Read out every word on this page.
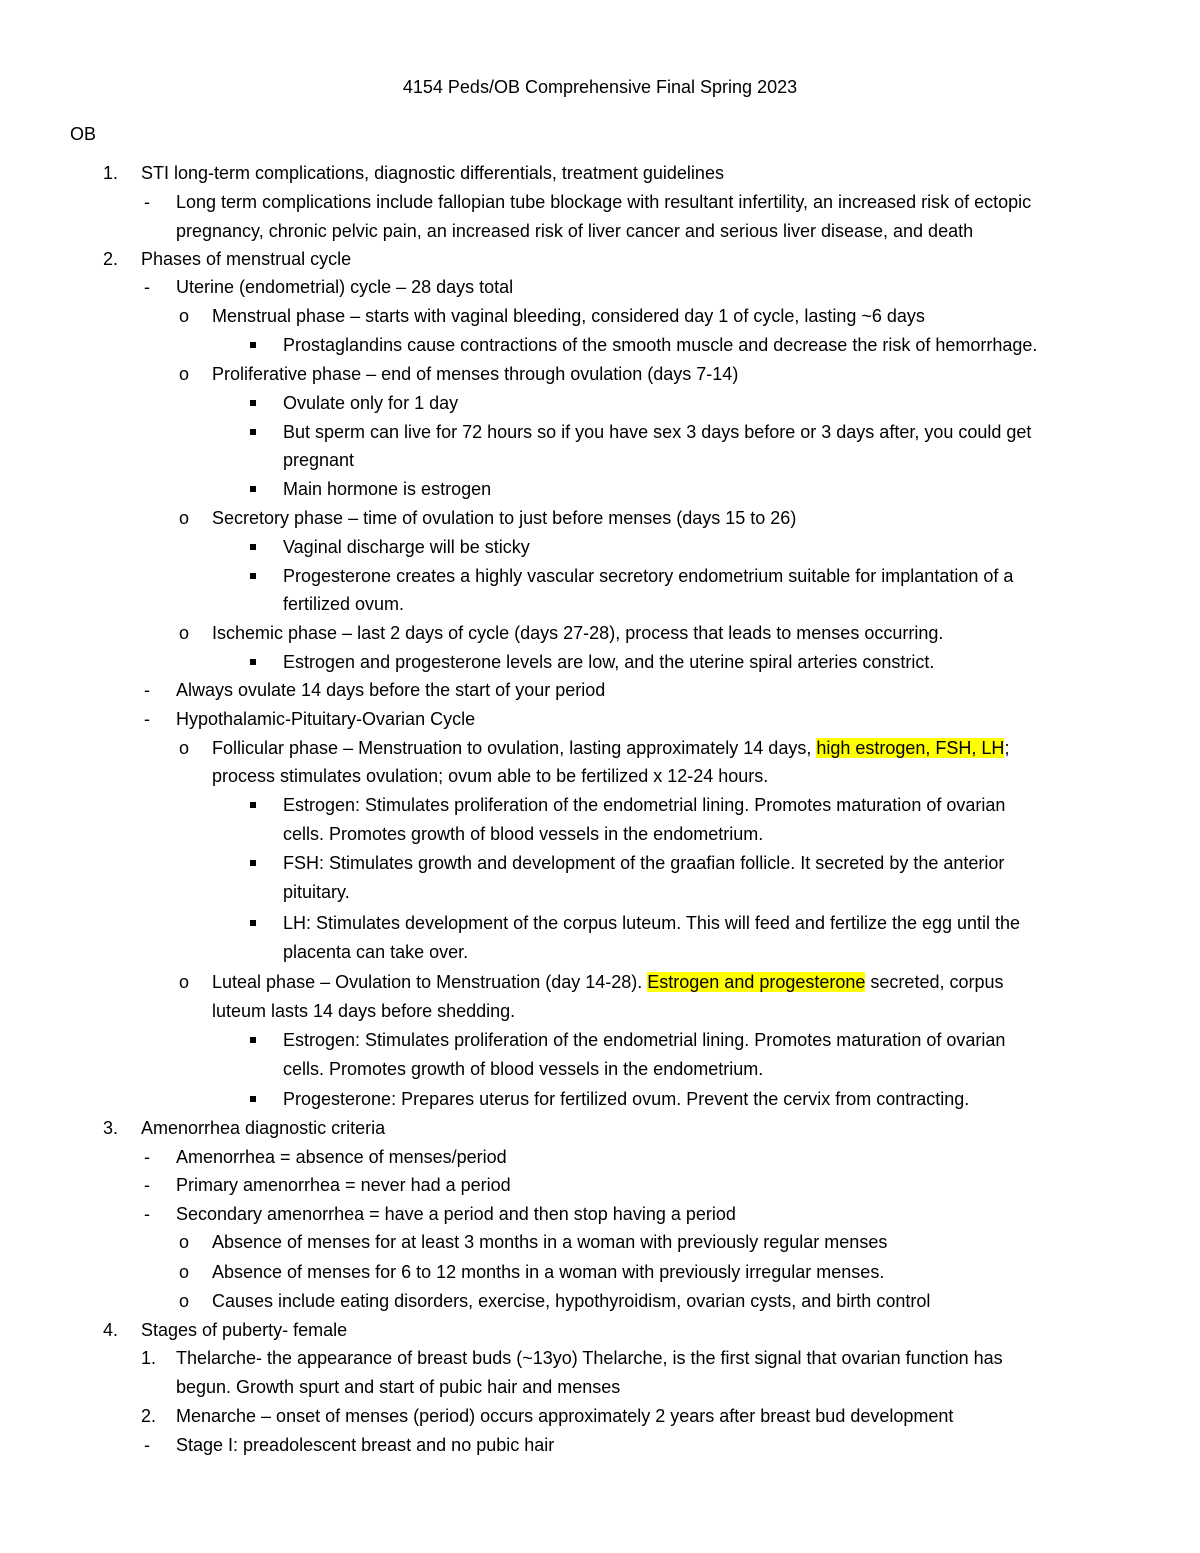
4154 Peds/OB Comprehensive Final Spring 2023
OB
1. STI long-term complications, diagnostic differentials, treatment guidelines
- Long term complications include fallopian tube blockage with resultant infertility, an increased risk of ectopic
pregnancy, chronic pelvic pain, an increased risk of liver cancer and serious liver disease, and death
2. Phases of menstrual cycle
- Uterine (endometrial) cycle – 28 days total
o Menstrual phase – starts with vaginal bleeding, considered day 1 of cycle, lasting ~6 days
Prostaglandins cause contractions of the smooth muscle and decrease the risk of hemorrhage.
o Proliferative phase – end of menses through ovulation (days 7-14)
Ovulate only for 1 day
But sperm can live for 72 hours so if you have sex 3 days before or 3 days after, you could get
pregnant
Main hormone is estrogen
o Secretory phase – time of ovulation to just before menses (days 15 to 26)
Vaginal discharge will be sticky
Progesterone creates a highly vascular secretory endometrium suitable for implantation of a
fertilized ovum.
o Ischemic phase – last 2 days of cycle (days 27-28), process that leads to menses occurring.
Estrogen and progesterone levels are low, and the uterine spiral arteries constrict.
- Always ovulate 14 days before the start of your period
- Hypothalamic-Pituitary-Ovarian Cycle
o Follicular phase – Menstruation to ovulation, lasting approximately 14 days, high estrogen, FSH, LH;
process stimulates ovulation; ovum able to be fertilized x 12-24 hours.
Estrogen: Stimulates proliferation of the endometrial lining. Promotes maturation of ovarian
cells. Promotes growth of blood vessels in the endometrium.
FSH: Stimulates growth and development of the graafian follicle. It secreted by the anterior
pituitary.
LH: Stimulates development of the corpus luteum. This will feed and fertilize the egg until the
placenta can take over.
o Luteal phase – Ovulation to Menstruation (day 14-28). Estrogen and progesterone secreted, corpus
luteum lasts 14 days before shedding.
Estrogen: Stimulates proliferation of the endometrial lining. Promotes maturation of ovarian
cells. Promotes growth of blood vessels in the endometrium.
Progesterone: Prepares uterus for fertilized ovum. Prevent the cervix from contracting.
3. Amenorrhea diagnostic criteria
- Amenorrhea = absence of menses/period
- Primary amenorrhea = never had a period
- Secondary amenorrhea = have a period and then stop having a period
o Absence of menses for at least 3 months in a woman with previously regular menses
o Absence of menses for 6 to 12 months in a woman with previously irregular menses.
o Causes include eating disorders, exercise, hypothyroidism, ovarian cysts, and birth control
4. Stages of puberty- female
1. Thelarche- the appearance of breast buds (~13yo) Thelarche, is the first signal that ovarian function has
begun. Growth spurt and start of pubic hair and menses
2. Menarche – onset of menses (period) occurs approximately 2 years after breast bud development
- Stage I: preadolescent breast and no pubic hair
